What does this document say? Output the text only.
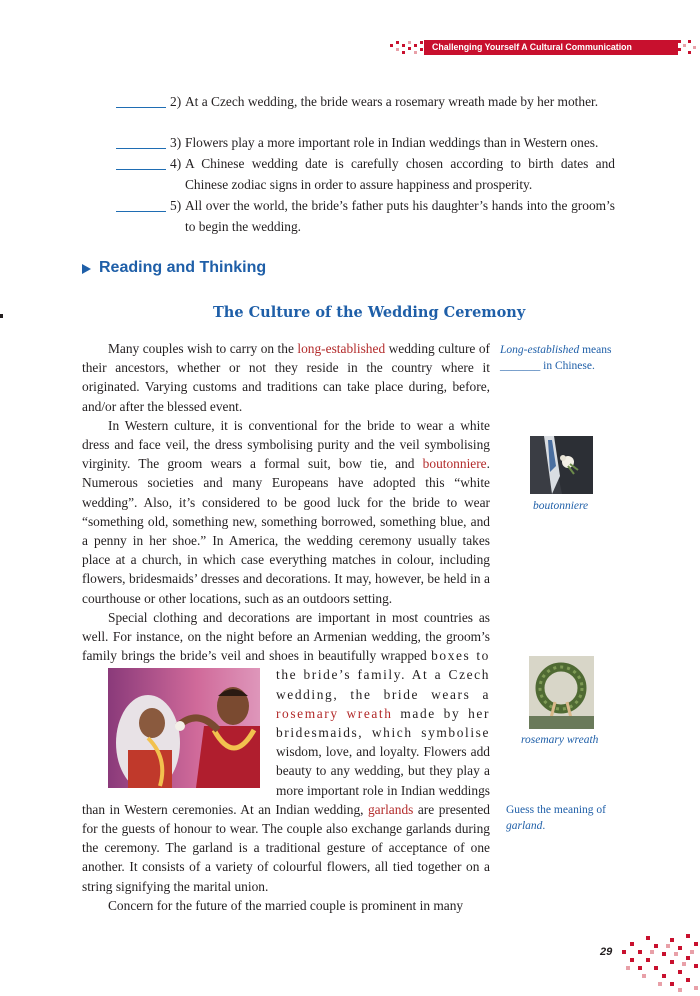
Challenging Yourself A Cultural Communication
2) At a Czech wedding, the bride wears a rosemary wreath made by her mother.
3) Flowers play a more important role in Indian weddings than in Western ones.
4) A Chinese wedding date is carefully chosen according to birth dates and Chinese zodiac signs in order to assure happiness and prosperity.
5) All over the world, the bride’s father puts his daughter’s hands into the groom’s to begin the wedding.
Reading and Thinking
The Culture of the Wedding Ceremony

Many couples wish to carry on the long-established wedding culture of their ancestors, whether or not they reside in the country where it originated. Varying customs and traditions can take place during, before, and/or after the blessed event.

In Western culture, it is conventional for the bride to wear a white dress and face veil, the dress symbolising purity and the veil symbolising virginity. The groom wears a formal suit, bow tie, and boutonniere. Numerous societies and many Europeans have adopted this “white wedding”. Also, it’s considered to be good luck for the bride to wear “something old, something new, something borrowed, something blue, and a penny in her shoe.” In America, the wedding ceremony usually takes place at a church, in which case everything matches in colour, including flowers, bridesmaids’ dresses and decorations. It may, however, be held in a courthouse or other locations, such as an outdoors setting.

Special clothing and decorations are important in most countries as well. For instance, on the night before an Armenian wedding, the groom’s family brings the bride’s veil and shoes in beautifully wrapped
boxes to the bride’s family. At a Czech wedding, the bride wears a rosemary wreath made by her bridesmaids, which symbolise wisdom, love, and loyalty. Flowers add beauty to any wedding, but they play a more important role in Indian weddings than in Western ceremonies. At an Indian wedding, garlands are presented for the guests of honour to wear. The couple also exchange garlands during the ceremony. The garland is a traditional gesture of acceptance of one another. It consists of a variety of colourful flowers, all tied together on a string signifying the marital union.

Concern for the future of the married couple is prominent in many

Long-established means
_______ in Chinese.
boutonniere
rosemary wreath
Guess the meaning of
garland.
29
